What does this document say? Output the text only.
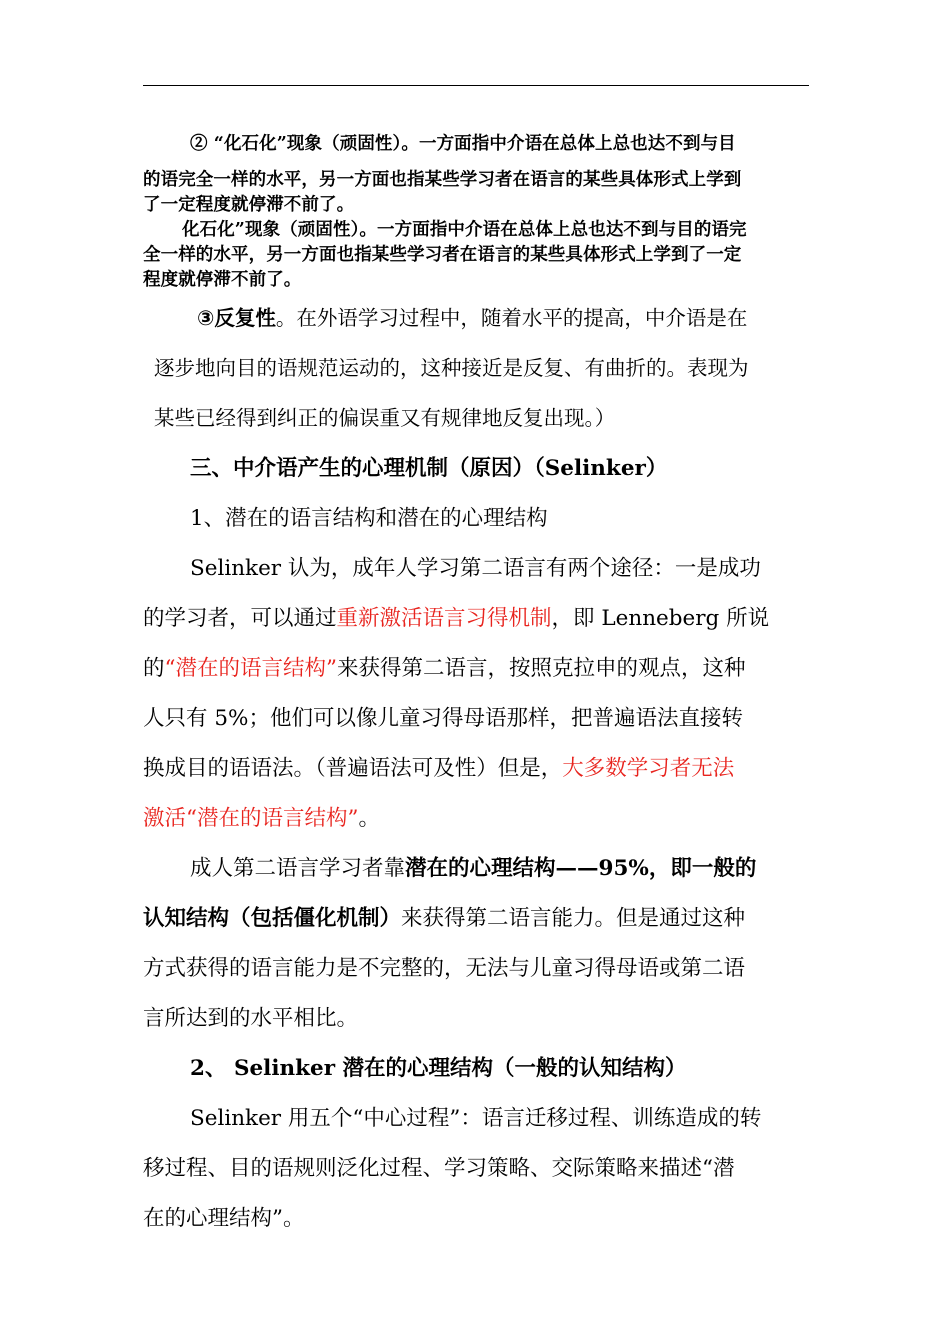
② “化石化”现象（顽固性）。一方面指中介语在总体上总也达不到与目
的语完全一样的水平，另一方面也指某些学习者在语言的某些具体形式上学到
了一定程度就停滞不前了。
化石化”现象（顽固性）。一方面指中介语在总体上总也达不到与目的语完
全一样的水平，另一方面也指某些学习者在语言的某些具体形式上学到了一定
程度就停滞不前了。
③反复性。在外语学习过程中，随着水平的提高，中介语是在
逐步地向目的语规范运动的，这种接近是反复、有曲折的。表现为
某些已经得到纠正的偏误重又有规律地反复出现。）
三、中介语产生的心理机制（原因）（Selinker）
1、潜在的语言结构和潜在的心理结构
Selinker 认为，成年人学习第二语言有两个途径：一是成功
的学习者，可以通过重新激活语言习得机制，即 Lenneberg 所说
的“潜在的语言结构”来获得第二语言，按照克拉申的观点，这种
人只有 5%；他们可以像儿童习得母语那样，把普遍语法直接转
换成目的语语法。（普遍语法可及性）但是，大多数学习者无法
激活“潜在的语言结构”。
成人第二语言学习者靠潜在的心理结构——95%，即一般的
认知结构（包括僵化机制）来获得第二语言能力。但是通过这种
方式获得的语言能力是不完整的，无法与儿童习得母语或第二语
言所达到的水平相比。
2、 Selinker 潜在的心理结构（一般的认知结构）
Selinker 用五个“中心过程”：语言迁移过程、训练造成的转
移过程、目的语规则泛化过程、学习策略、交际策略来描述“潜
在的心理结构”。
